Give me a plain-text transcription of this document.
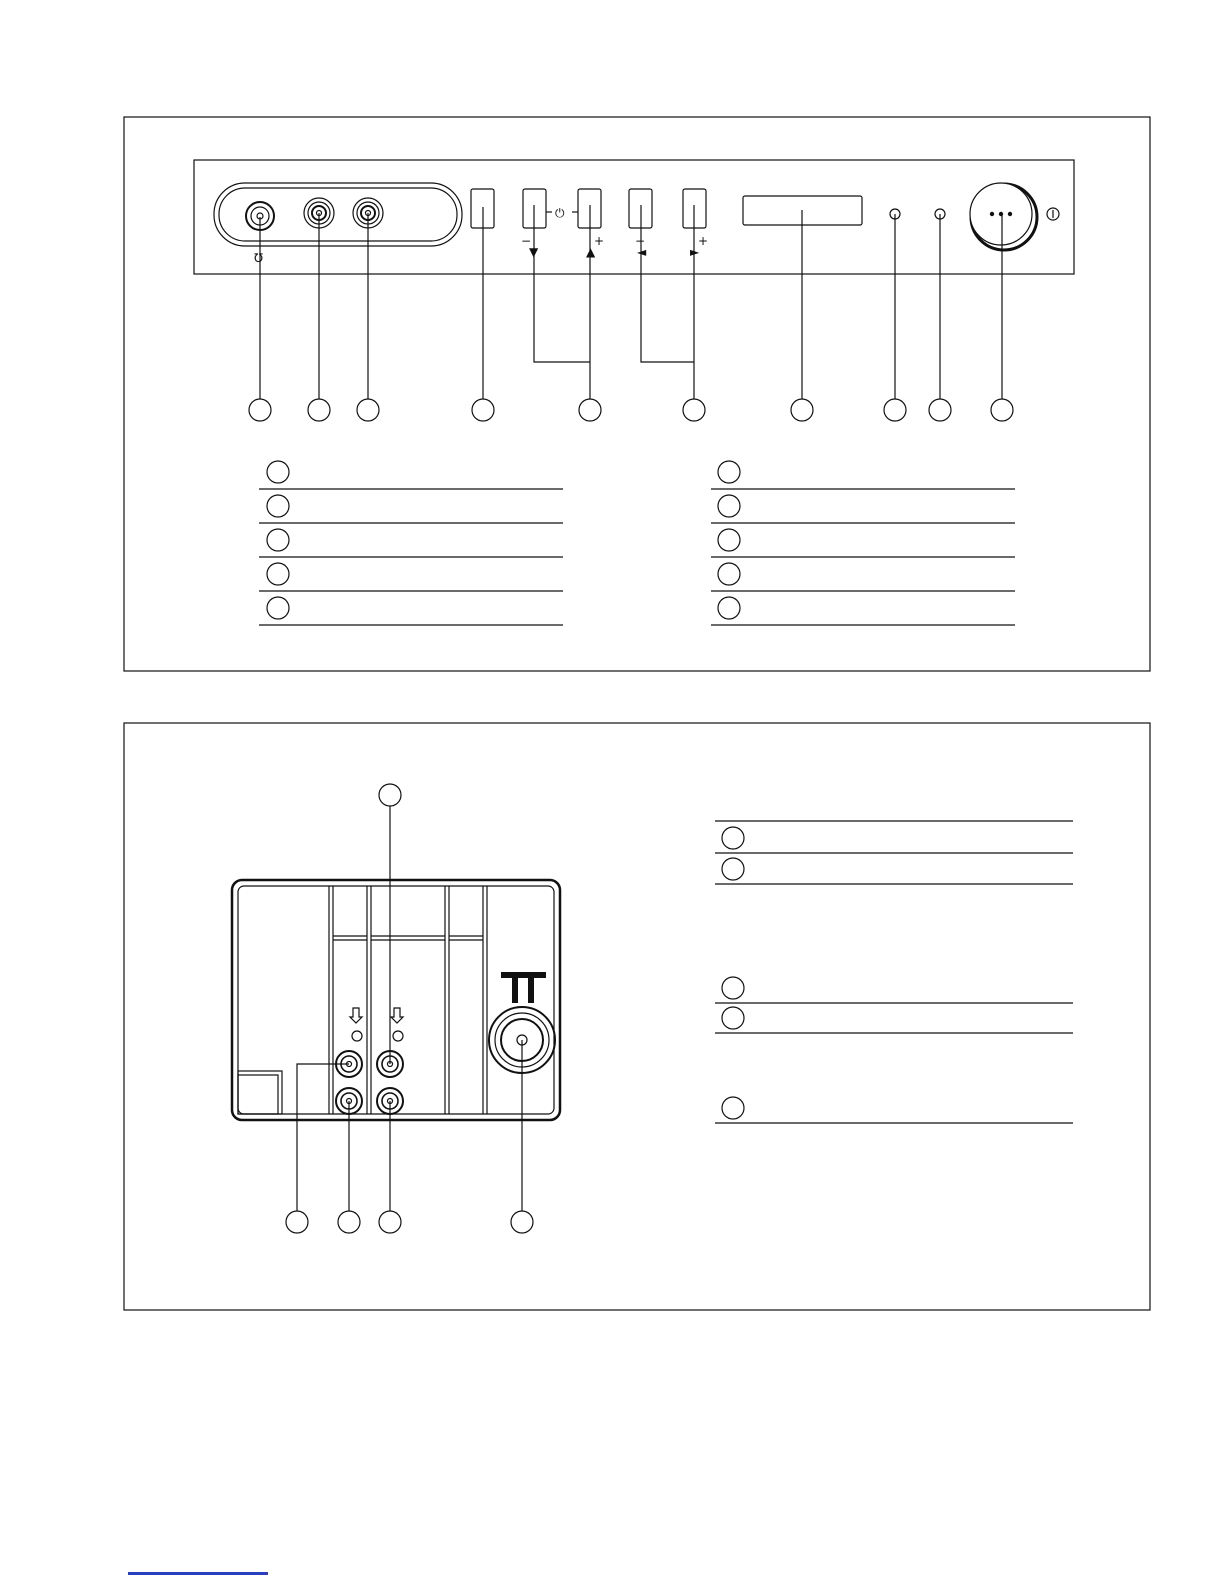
℧
⏻
−	+
▼	▲
−	+
◄	►
